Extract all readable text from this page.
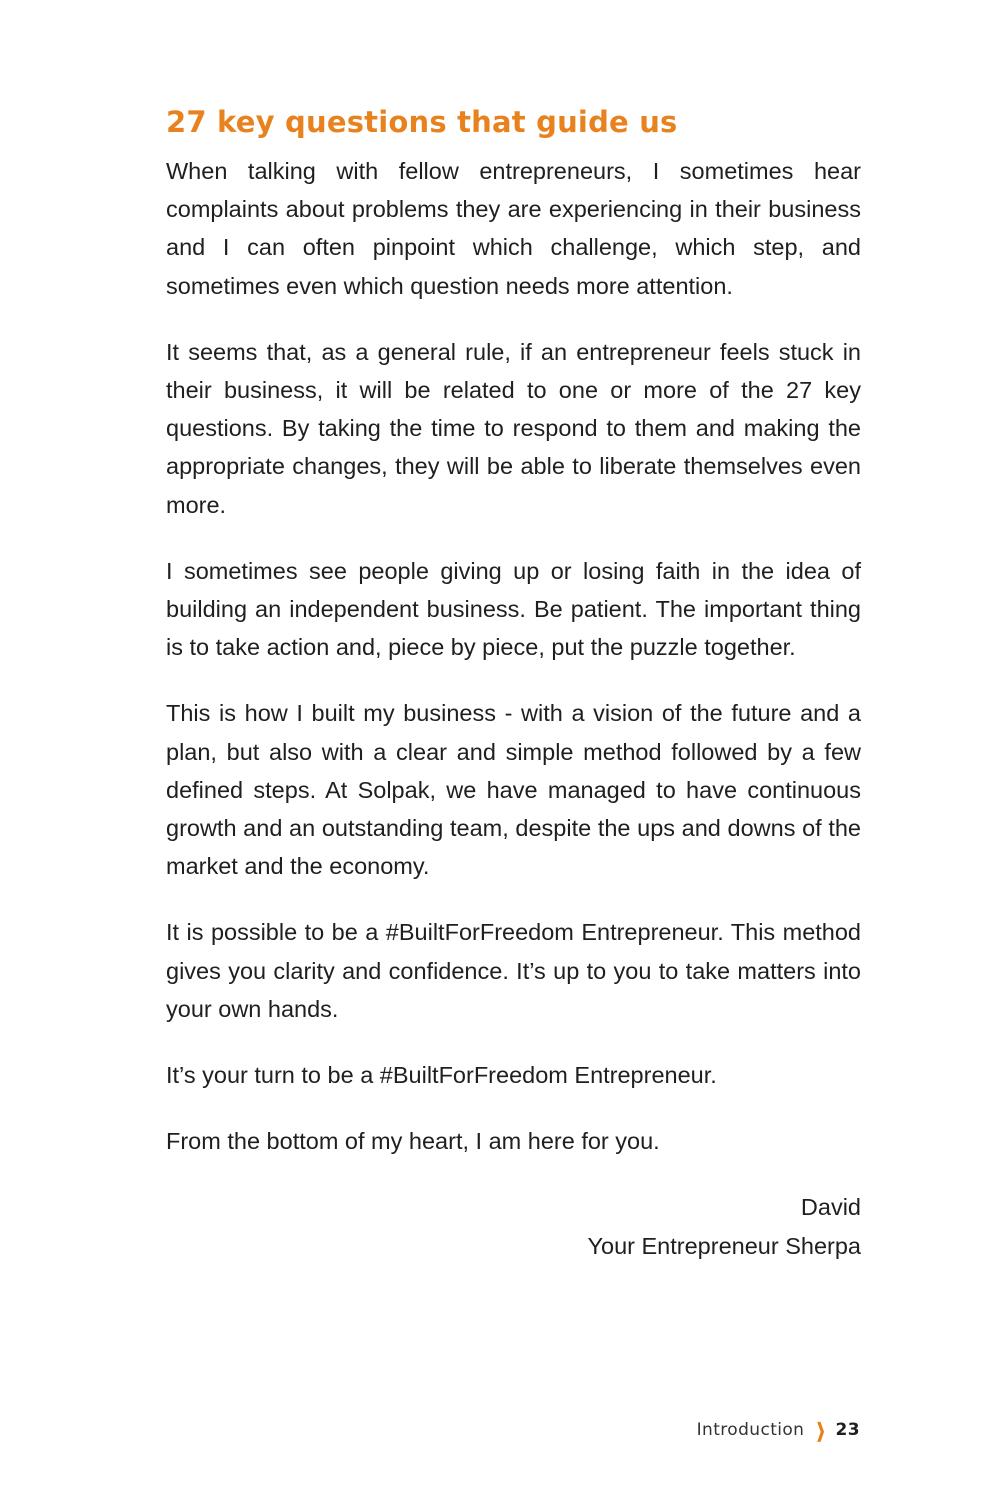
27 key questions that guide us

When talking with fellow entrepreneurs, I sometimes hear complaints about problems they are experiencing in their business and I can often pinpoint which challenge, which step, and sometimes even which question needs more attention.

It seems that, as a general rule, if an entrepreneur feels stuck in their business, it will be related to one or more of the 27 key questions. By taking the time to respond to them and making the appropriate changes, they will be able to liberate themselves even more.

I sometimes see people giving up or losing faith in the idea of building an independent business. Be patient. The important thing is to take action and, piece by piece, put the puzzle together.

This is how I built my business - with a vision of the future and a plan, but also with a clear and simple method followed by a few defined steps. At Solpak, we have managed to have continuous growth and an outstanding team, despite the ups and downs of the market and the economy.

It is possible to be a #BuiltForFreedom Entrepreneur. This method gives you clarity and confidence. It’s up to you to take matters into your own hands.

It’s your turn to be a #BuiltForFreedom Entrepreneur.

From the bottom of my heart, I am here for you.

David
Your Entrepreneur Sherpa
Introduction ❱ 23
